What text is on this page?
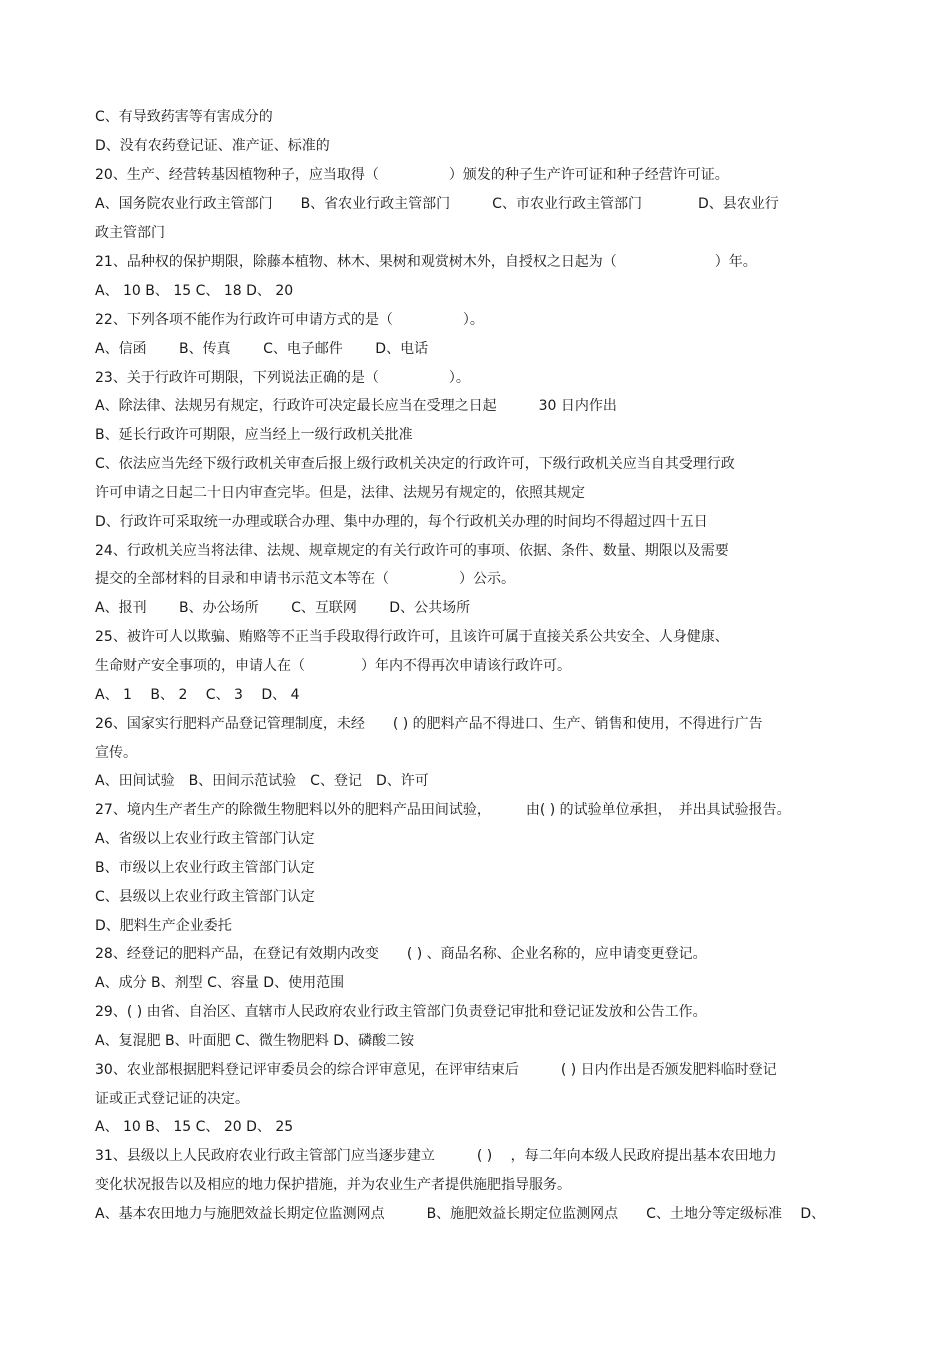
C、有导致药害等有害成分的
D、没有农药登记证、准产证、标准的
20、生产、经营转基因植物种子，应当取得（　　　　　）颁发的种子生产许可证和种子经营许可证。
A、国务院农业行政主管部门　　B、省农业行政主管部门　　　C、市农业行政主管部门　　　　D、县农业行
政主管部门
21、品种权的保护期限，除藤本植物、林木、果树和观赏树木外，自授权之日起为（　　　　　　　）年。
A、 10 B、 15 C、 18 D、 20
22、下列各项不能作为行政许可申请方式的是（　　　　　）。
A、信函　　 B、传真　　 C、电子邮件　　 D、电话
23、关于行政许可期限，下列说法正确的是（　　　　　）。
A、除法律、法规另有规定，行政许可决定最长应当在受理之日起　　　30 日内作出
B、延长行政许可期限，应当经上一级行政机关批准
C、依法应当先经下级行政机关审查后报上级行政机关决定的行政许可，下级行政机关应当自其受理行政
许可申请之日起二十日内审查完毕。但是，法律、法规另有规定的，依照其规定
D、行政许可采取统一办理或联合办理、集中办理的，每个行政机关办理的时间均不得超过四十五日
24、行政机关应当将法律、法规、规章规定的有关行政许可的事项、依据、条件、数量、期限以及需要
提交的全部材料的目录和申请书示范文本等在（　　　　　）公示。
A、报刊　　 B、办公场所　　 C、互联网　　 D、公共场所
25、被许可人以欺骗、贿赂等不正当手段取得行政许可，且该许可属于直接关系公共安全、人身健康、
生命财产安全事项的，申请人在（　　　　）年内不得再次申请该行政许可。
A、 1　 B、 2　 C、 3　 D、 4
26、国家实行肥料产品登记管理制度，未经　　( ) 的肥料产品不得进口、生产、销售和使用，不得进行广告
宣传。
A、田间试验　B、田间示范试验　C、登记　D、许可
27、境内生产者生产的除微生物肥料以外的肥料产品田间试验，　　　由( ) 的试验单位承担，　并出具试验报告。
A、省级以上农业行政主管部门认定
B、市级以上农业行政主管部门认定
C、县级以上农业行政主管部门认定
D、肥料生产企业委托
28、经登记的肥料产品，在登记有效期内改变　　( ) 、商品名称、企业名称的，应申请变更登记。
A、成分 B、剂型 C、容量 D、使用范围
29、( ) 由省、自治区、直辖市人民政府农业行政主管部门负责登记审批和登记证发放和公告工作。
A、复混肥 B、叶面肥 C、微生物肥料 D、磷酸二铵
30、农业部根据肥料登记评审委员会的综合评审意见，在评审结束后　　　( ) 日内作出是否颁发肥料临时登记
证或正式登记证的决定。
A、 10 B、 15 C、 20 D、 25
31、县级以上人民政府农业行政主管部门应当逐步建立　　　( ) 　，每二年向本级人民政府提出基本农田地力
变化状况报告以及相应的地力保护措施，并为农业生产者提供施肥指导服务。
A、基本农田地力与施肥效益长期定位监测网点　　　B、施肥效益长期定位监测网点　　C、土地分等定级标准　 D、
